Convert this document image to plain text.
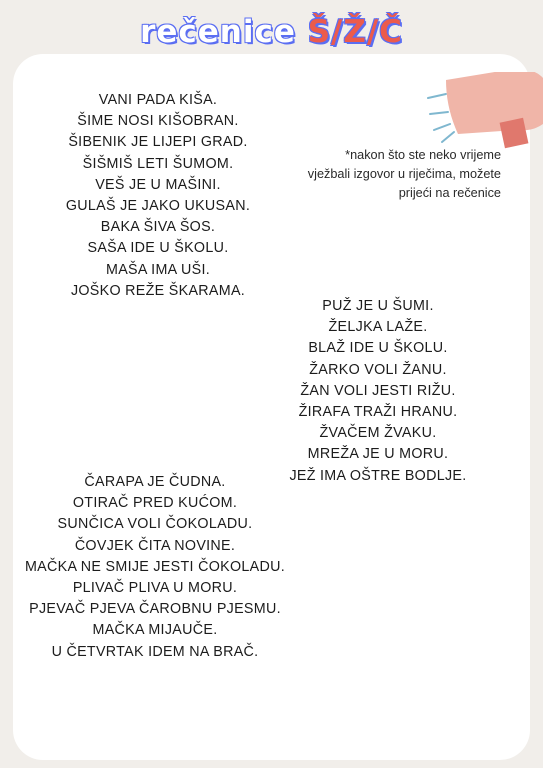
rečenice Š/Ž/Č
VANI PADA KIŠA.
ŠIME NOSI KIŠOBRAN.
ŠIBENIK JE LIJEPI GRAD.
ŠIŠMIŠ LETI ŠUMOM.
VEŠ JE U MAŠINI.
GULAŠ JE JAKO UKUSAN.
BAKA ŠIVA ŠOS.
SAŠA IDE U ŠKOLU.
MAŠA IMA UŠI.
JOŠKO REŽE ŠKARAMA.
*nakon što ste neko vrijeme vježbali izgovor u riječima, možete prijeći na rečenice
PUŽ JE U ŠUMI.
ŽELJKA LAŽE.
BLAŽ IDE U ŠKOLU.
ŽARKO VOLI ŽANU.
ŽAN VOLI JESTI RIŽU.
ŽIRAFA TRAŽI HRANU.
ŽVAČEM ŽVAKU.
MREŽA JE U MORU.
JEŽ IMA OŠTRE BODLJE.
ČARAPA JE ČUDNA.
OTIRAČ PRED KUĆOM.
SUNČICA VOLI ČOKOLADU.
ČOVJEK ČITA NOVINE.
MAČKA NE SMIJE JESTI ČOKOLADU.
PLIVAČ PLIVA U MORU.
PJEVAČ PJEVA ČAROBNU PJESMU.
MAČKA MIJAUČE.
U ČETVRTAK IDEM NA BRAČ.
